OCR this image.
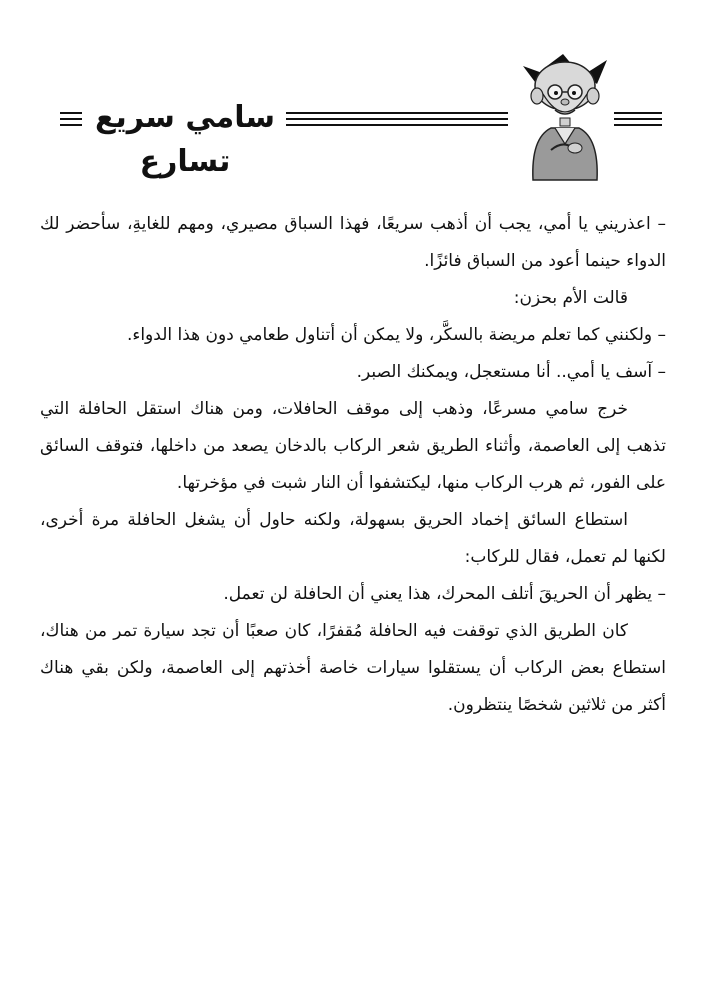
سامي سريع تسارع

– اعذريني يا أمي، يجب أن أذهب سريعًا، فهذا السباق مصيري، ومهم للغايةِ، سأحضر لك الدواء حينما أعود من السباق فائزًا.

قالت الأم بحزن:

– ولكنني كما تعلم مريضة بالسكَّر، ولا يمكن أن أتناول طعامي دون هذا الدواء.

– آسف يا أمي.. أنا مستعجل، ويمكنك الصبر.

خرج سامي مسرعًا، وذهب إلى موقف الحافلات، ومن هناك استقل الحافلة التي تذهب إلى العاصمة، وأثناء الطريق شعر الركاب بالدخان يصعد من داخلها، فتوقف السائق على الفور، ثم هرب الركاب منها، ليكتشفوا أن النار شبت في مؤخرتها.

استطاع السائق إخماد الحريق بسهولة، ولكنه حاول أن يشغل الحافلة مرة أخرى، لكنها لم تعمل، فقال للركاب:

– يظهر أن الحريقَ أتلف المحرك، هذا يعني أن الحافلة لن تعمل.

كان الطريق الذي توقفت فيه الحافلة مُقفرًا، كان صعبًا أن تجد سيارة تمر من هناك، استطاع بعض الركاب أن يستقلوا سيارات خاصة أخذتهم إلى العاصمة، ولكن بقي هناك أكثر من ثلاثين شخصًا ينتظرون.
